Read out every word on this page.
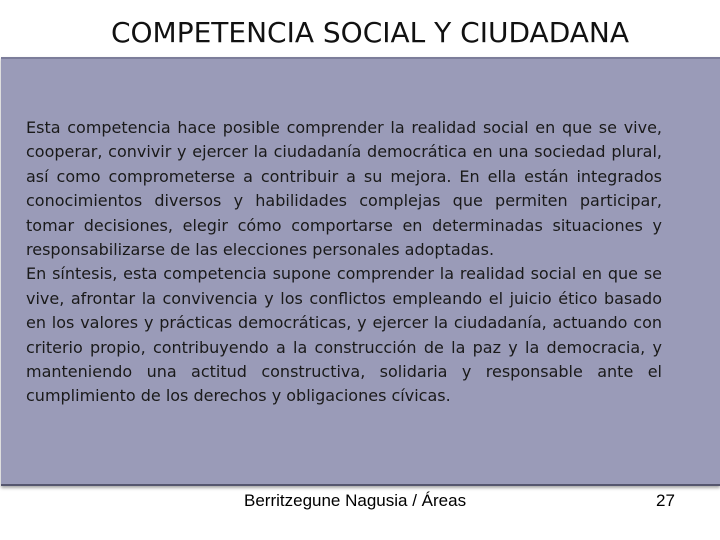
COMPETENCIA SOCIAL Y CIUDADANA

Esta competencia hace posible comprender la realidad social en que se vive, cooperar, convivir y ejercer la ciudadanía democrática en una sociedad plural, así como comprometerse a contribuir a su mejora. En ella están integrados conocimientos diversos y habilidades complejas que permiten participar, tomar decisiones, elegir cómo comportarse en determinadas situaciones y responsabilizarse de las elecciones personales adoptadas.

En síntesis, esta competencia supone comprender la realidad social en que se vive, afrontar la convivencia y los conflictos empleando el juicio ético basado en los valores y prácticas democráticas, y ejercer la ciudadanía, actuando con criterio propio, contribuyendo a la construcción de la paz y la democracia, y manteniendo una actitud constructiva, solidaria y responsable ante el cumplimiento de los derechos y obligaciones cívicas.

Berritzegune Nagusia / Áreas	27
